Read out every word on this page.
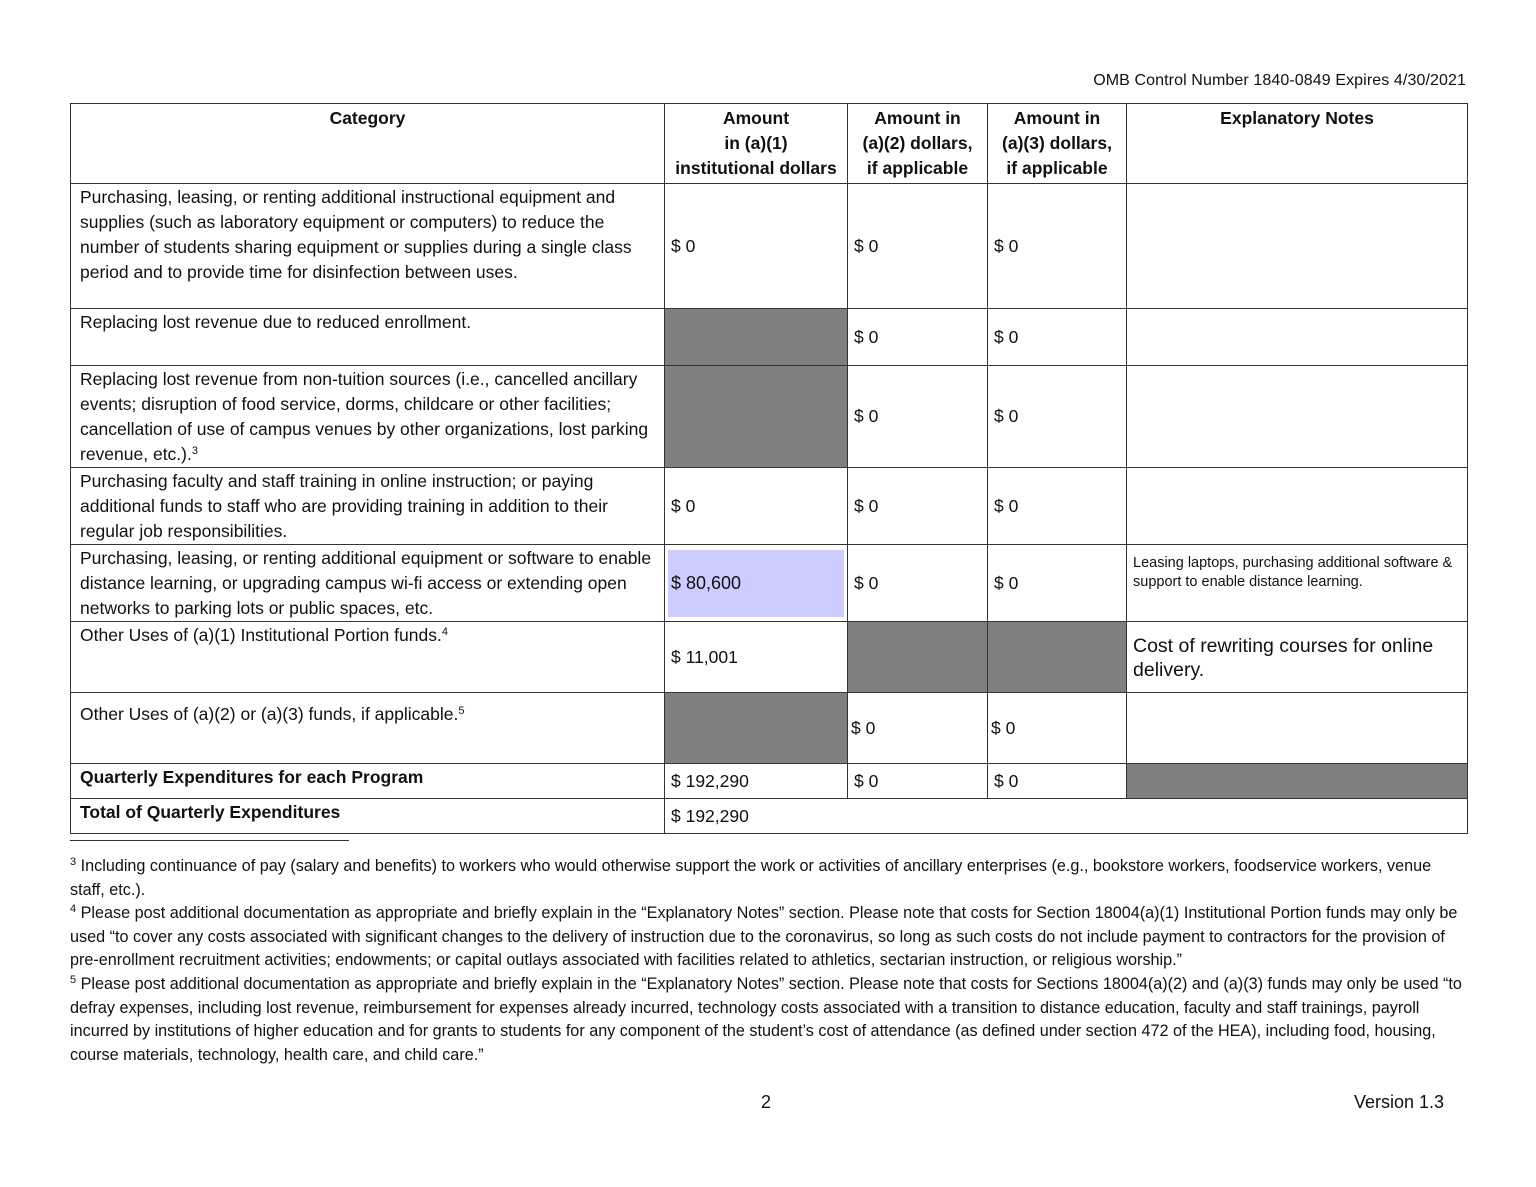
OMB Control Number 1840-0849 Expires 4/30/2021
Category	Amount
in (a)(1)
institutional dollars	Amount in
(a)(2) dollars,
if applicable	Amount in
(a)(3) dollars,
if applicable	Explanatory Notes
Purchasing, leasing, or renting additional instructional equipment and supplies (such as laboratory equipment or computers) to reduce the number of students sharing equipment or supplies during a single class period and to provide time for disinfection between uses.	$ 0	$ 0	$ 0	
Replacing lost revenue due to reduced enrollment.		$ 0	$ 0	
Replacing lost revenue from non-tuition sources (i.e., cancelled ancillary events; disruption of food service, dorms, childcare or other facilities; cancellation of use of campus venues by other organizations, lost parking revenue, etc.).$^3$		$ 0	$ 0	
Purchasing faculty and staff training in online instruction; or paying additional funds to staff who are providing training in addition to their regular job responsibilities.	$ 0	$ 0	$ 0	
Purchasing, leasing, or renting additional equipment or software to enable distance learning, or upgrading campus wi-fi access or extending open networks to parking lots or public spaces, etc.	$ 80,600	$ 0	$ 0	Leasing laptops, purchasing additional software & support to enable distance learning.
Other Uses of (a)(1) Institutional Portion funds.$^4$	$ 11,001			Cost of rewriting courses for online delivery.
Other Uses of (a)(2) or (a)(3) funds, if applicable.$^5$		$ 0	$ 0	
Quarterly Expenditures for each Program	$ 192,290	$ 0	$ 0	
Total of Quarterly Expenditures	$ 192,290			

$^3$ Including continuance of pay (salary and benefits) to workers who would otherwise support the work or activities of ancillary enterprises (e.g., bookstore workers, foodservice workers, venue staff, etc.).

$^4$ Please post additional documentation as appropriate and briefly explain in the “Explanatory Notes” section. Please note that costs for Section 18004(a)(1) Institutional Portion funds may only be used “to cover any costs associated with significant changes to the delivery of instruction due to the coronavirus, so long as such costs do not include payment to contractors for the provision of pre-enrollment recruitment activities; endowments; or capital outlays associated with facilities related to athletics, sectarian instruction, or religious worship.”

$^5$ Please post additional documentation as appropriate and briefly explain in the “Explanatory Notes” section. Please note that costs for Sections 18004(a)(2) and (a)(3) funds may only be used “to defray expenses, including lost revenue, reimbursement for expenses already incurred, technology costs associated with a transition to distance education, faculty and staff trainings, payroll incurred by institutions of higher education and for grants to students for any component of the student’s cost of attendance (as defined under section 472 of the HEA), including food, housing, course materials, technology, health care, and child care.”

2	Version 1.3
